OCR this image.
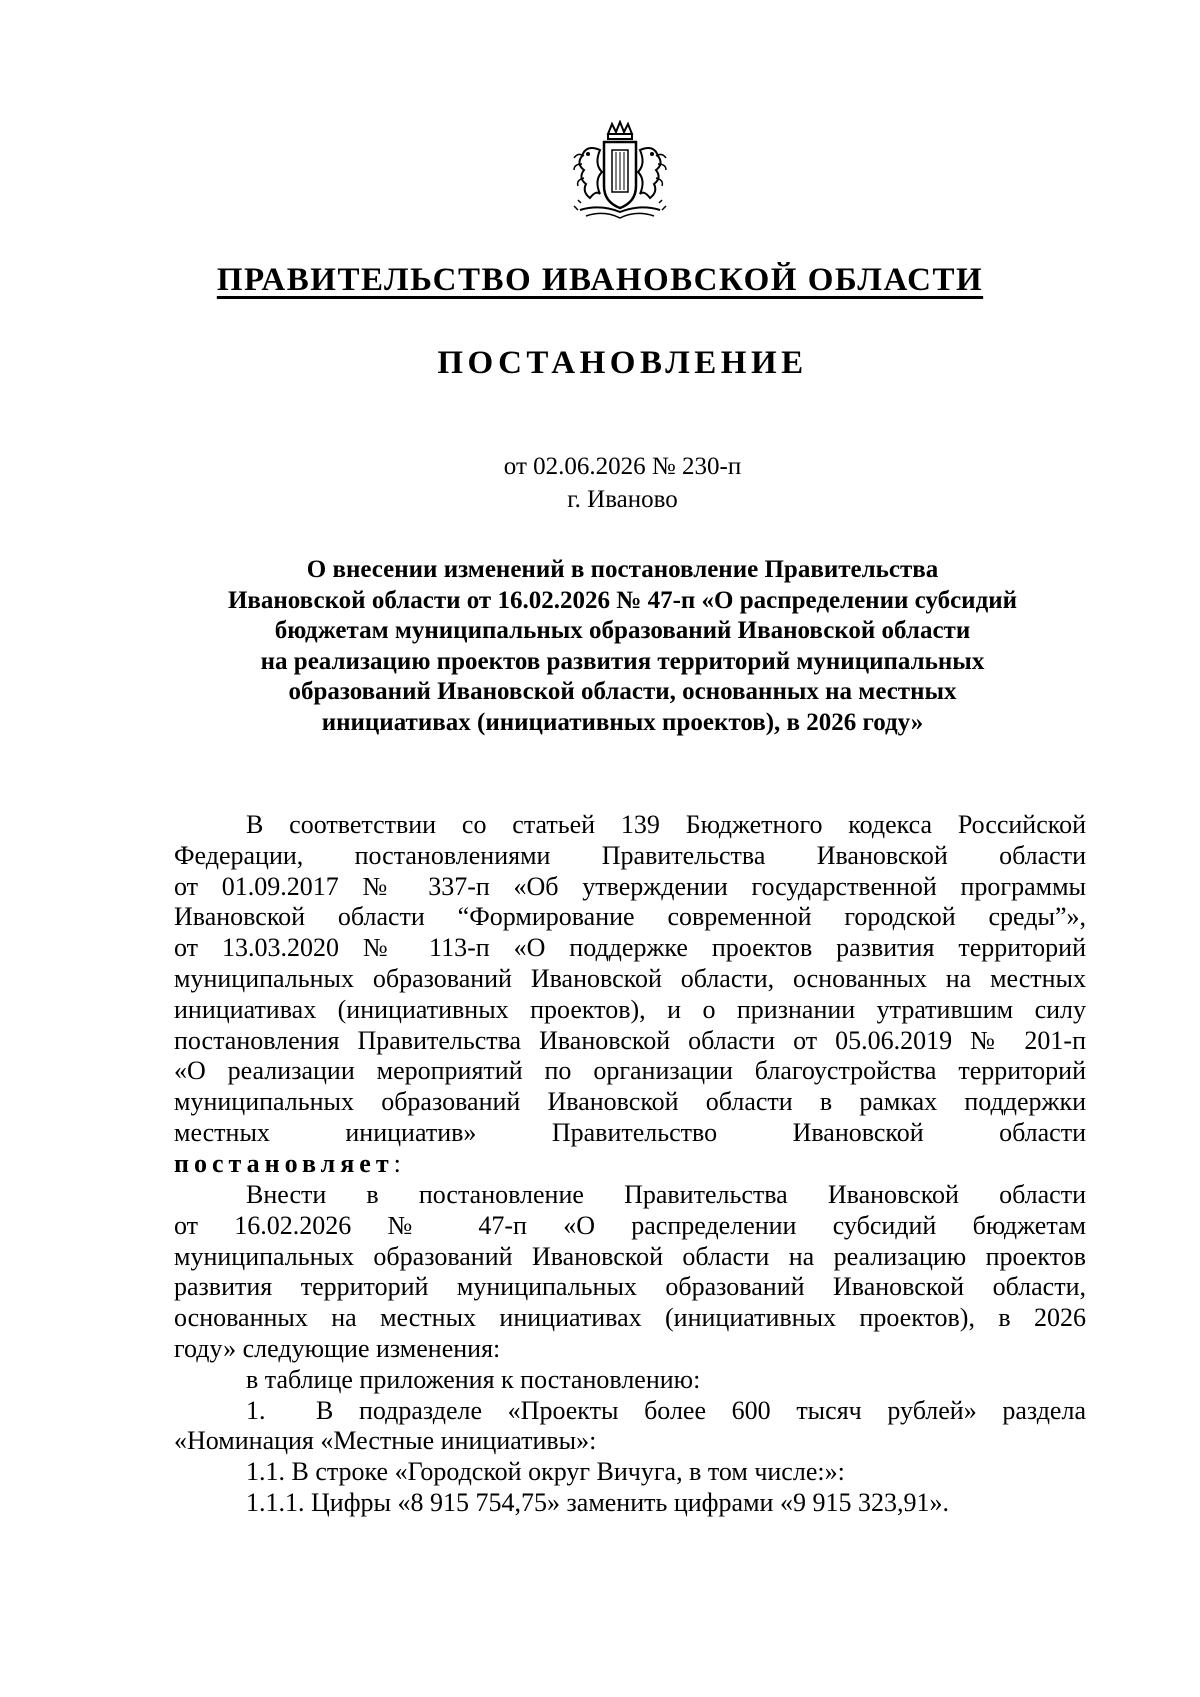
ПРАВИТЕЛЬСТВО ИВАНОВСКОЙ ОБЛАСТИ
ПОСТАНОВЛЕНИЕ
от 02.06.2026 № 230-п
г. Иваново
О внесении изменений в постановление Правительства
Ивановской области от 16.02.2026 № 47-п «О распределении субсидий
бюджетам муниципальных образований Ивановской области
на реализацию проектов развития территорий муниципальных
образований Ивановской области, основанных на местных
инициативах (инициативных проектов), в 2026 году»
В соответствии со статьей 139 Бюджетного кодекса Российской
Федерации, постановлениями Правительства Ивановской области
от 01.09.2017 № 337-п «Об утверждении государственной программы
Ивановской области “Формирование современной городской среды”»,
от 13.03.2020 № 113-п «О поддержке проектов развития территорий
муниципальных образований Ивановской области, основанных на местных
инициативах (инициативных проектов), и о признании утратившим силу
постановления Правительства Ивановской области от 05.06.2019 № 201-п
«О реализации мероприятий по организации благоустройства территорий
муниципальных образований Ивановской области в рамках поддержки
местных инициатив» Правительство Ивановской области
постановляет:
Внести в постановление Правительства Ивановской области
от 16.02.2026 № 47-п «О распределении субсидий бюджетам
муниципальных образований Ивановской области на реализацию проектов
развития территорий муниципальных образований Ивановской области,
основанных на местных инициативах (инициативных проектов), в 2026
году» следующие изменения:
в таблице приложения к постановлению:
1.	В подразделе «Проекты более 600 тысяч рублей» раздела
«Номинация «Местные инициативы»:
1.1. В строке «Городской округ Вичуга, в том числе:»:
1.1.1. Цифры «8 915 754,75» заменить цифрами «9 915 323,91».
